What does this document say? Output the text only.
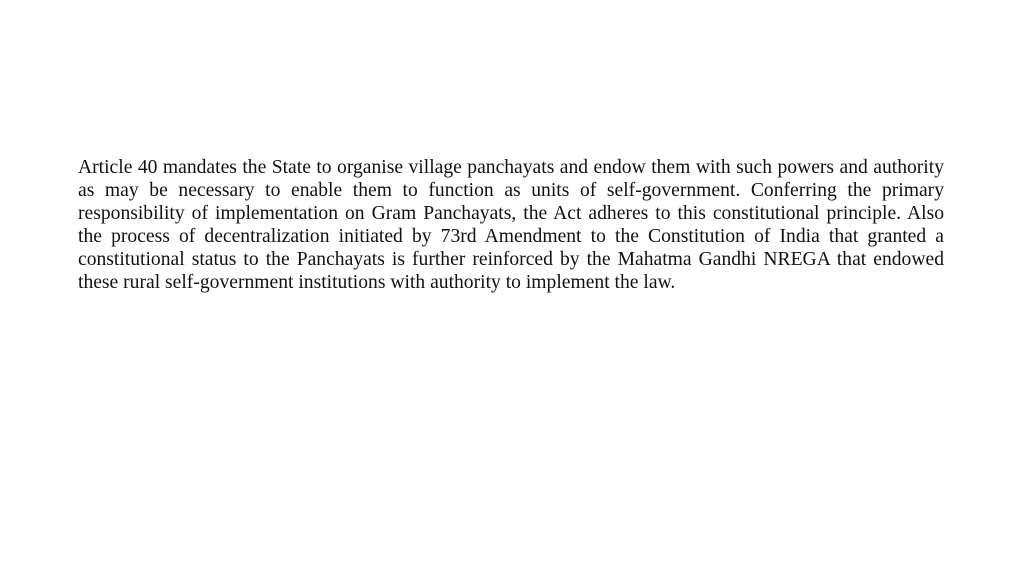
Article 40 mandates the State to organise village panchayats and endow them with such powers and authority as may be necessary to enable them to function as units of self-government. Conferring the primary responsibility of implementation on Gram Panchayats, the Act adheres to this constitutional principle. Also the process of decentralization initiated by 73rd Amendment to the Constitution of India that granted a constitutional status to the Panchayats is further reinforced by the Mahatma Gandhi NREGA that endowed these rural self-government institutions with authority to implement the law.
